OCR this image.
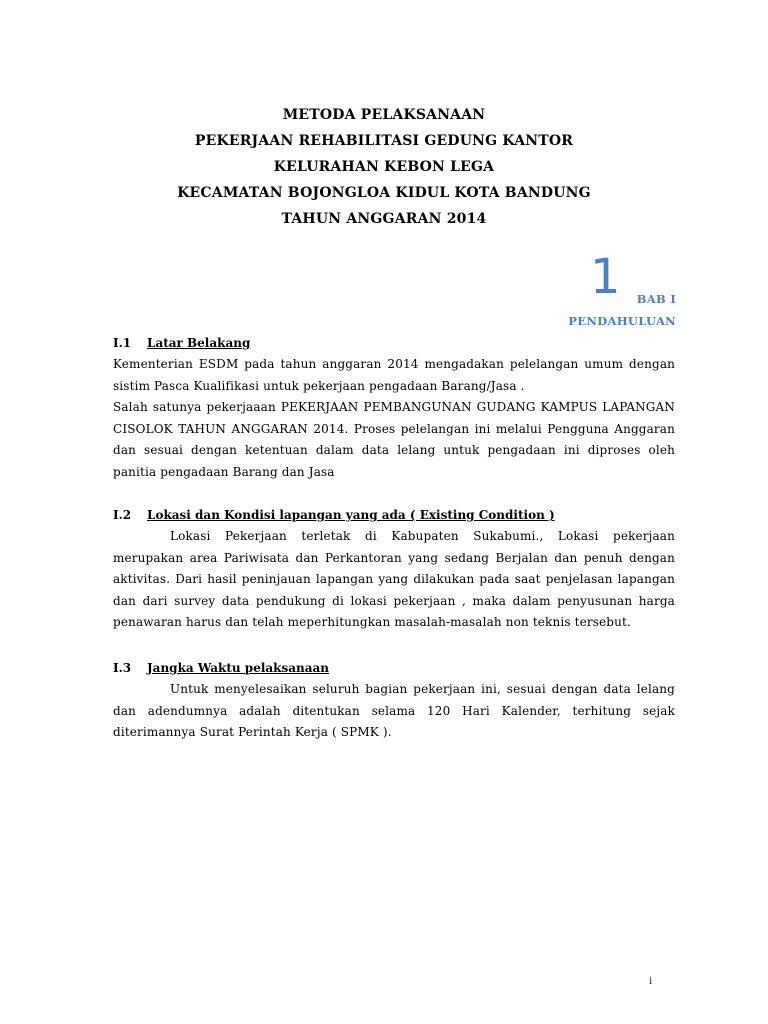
METODA PELAKSANAAN
PEKERJAAN REHABILITASI GEDUNG KANTOR
KELURAHAN KEBON LEGA
KECAMATAN BOJONGLOA KIDUL KOTA BANDUNG
TAHUN ANGGARAN 2014
1 BAB I
PENDAHULUAN
I.1 Latar Belakang

Kementerian ESDM pada tahun anggaran 2014 mengadakan pelelangan umum dengan sistim Pasca Kualifikasi untuk pekerjaan pengadaan Barang/Jasa .

Salah satunya pekerjaaan PEKERJAAN PEMBANGUNAN GUDANG KAMPUS LAPANGAN CISOLOK TAHUN ANGGARAN 2014. Proses pelelangan ini melalui Pengguna Anggaran dan sesuai dengan ketentuan dalam data lelang untuk pengadaan ini diproses oleh panitia pengadaan Barang dan Jasa

I.2 Lokasi dan Kondisi lapangan yang ada ( Existing Condition )

Lokasi Pekerjaan terletak di Kabupaten Sukabumi., Lokasi pekerjaan merupakan area Pariwisata dan Perkantoran yang sedang Berjalan dan penuh dengan aktivitas. Dari hasil peninjauan lapangan yang dilakukan pada saat penjelasan lapangan dan dari survey data pendukung di lokasi pekerjaan , maka dalam penyusunan harga penawaran harus dan telah meperhitungkan masalah-masalah non teknis tersebut.

I.3 Jangka Waktu pelaksanaan

Untuk menyelesaikan seluruh bagian pekerjaan ini, sesuai dengan data lelang dan adendumnya adalah ditentukan selama 120 Hari Kalender, terhitung sejak diterimannya Surat Perintah Kerja ( SPMK ).

i
